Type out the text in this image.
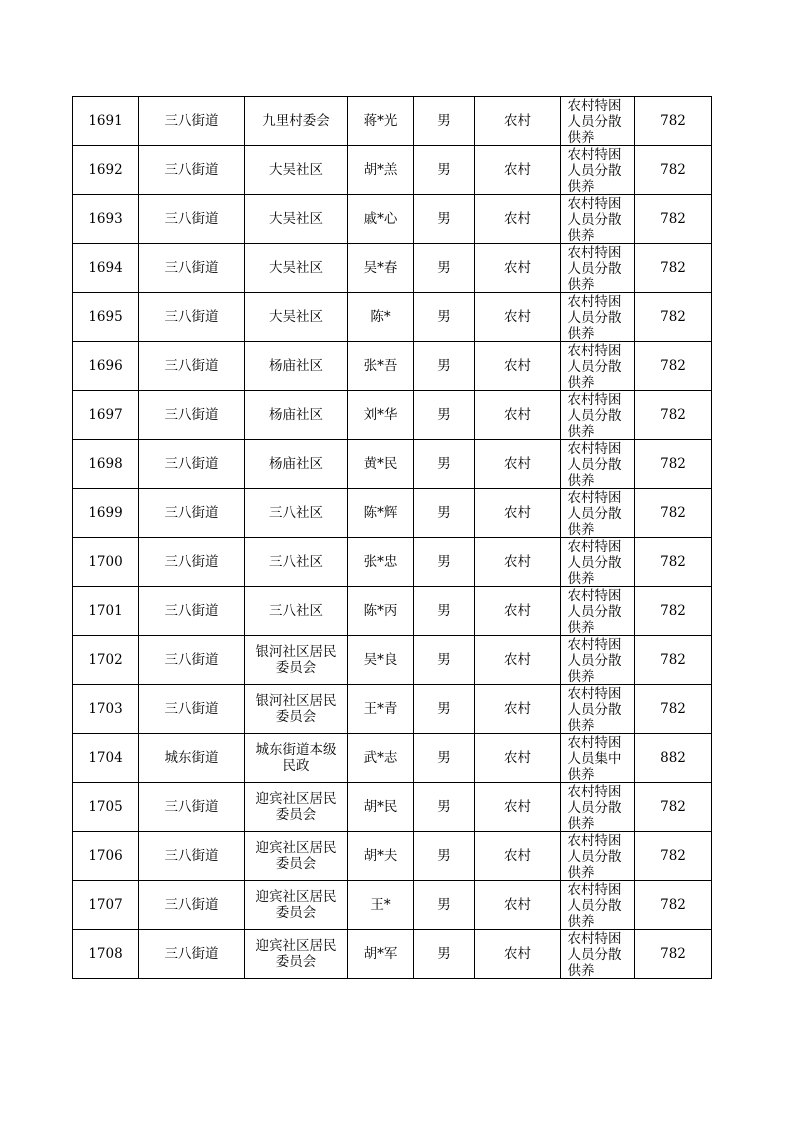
1691	三八街道	九里村委会	蒋*光	男	农村	农村特困人员分散供养	782
1692	三八街道	大吴社区	胡*羔	男	农村	农村特困人员分散供养	782
1693	三八街道	大吴社区	戚*心	男	农村	农村特困人员分散供养	782
1694	三八街道	大吴社区	吴*春	男	农村	农村特困人员分散供养	782
1695	三八街道	大吴社区	陈*	男	农村	农村特困人员分散供养	782
1696	三八街道	杨庙社区	张*吾	男	农村	农村特困人员分散供养	782
1697	三八街道	杨庙社区	刘*华	男	农村	农村特困人员分散供养	782
1698	三八街道	杨庙社区	黄*民	男	农村	农村特困人员分散供养	782
1699	三八街道	三八社区	陈*辉	男	农村	农村特困人员分散供养	782
1700	三八街道	三八社区	张*忠	男	农村	农村特困人员分散供养	782
1701	三八街道	三八社区	陈*丙	男	农村	农村特困人员分散供养	782
1702	三八街道	银河社区居民委员会	吴*良	男	农村	农村特困人员分散供养	782
1703	三八街道	银河社区居民委员会	王*青	男	农村	农村特困人员分散供养	782
1704	城东街道	城东街道本级民政	武*志	男	农村	农村特困人员集中供养	882
1705	三八街道	迎宾社区居民委员会	胡*民	男	农村	农村特困人员分散供养	782
1706	三八街道	迎宾社区居民委员会	胡*夫	男	农村	农村特困人员分散供养	782
1707	三八街道	迎宾社区居民委员会	王*	男	农村	农村特困人员分散供养	782
1708	三八街道	迎宾社区居民委员会	胡*军	男	农村	农村特困人员分散供养	782
